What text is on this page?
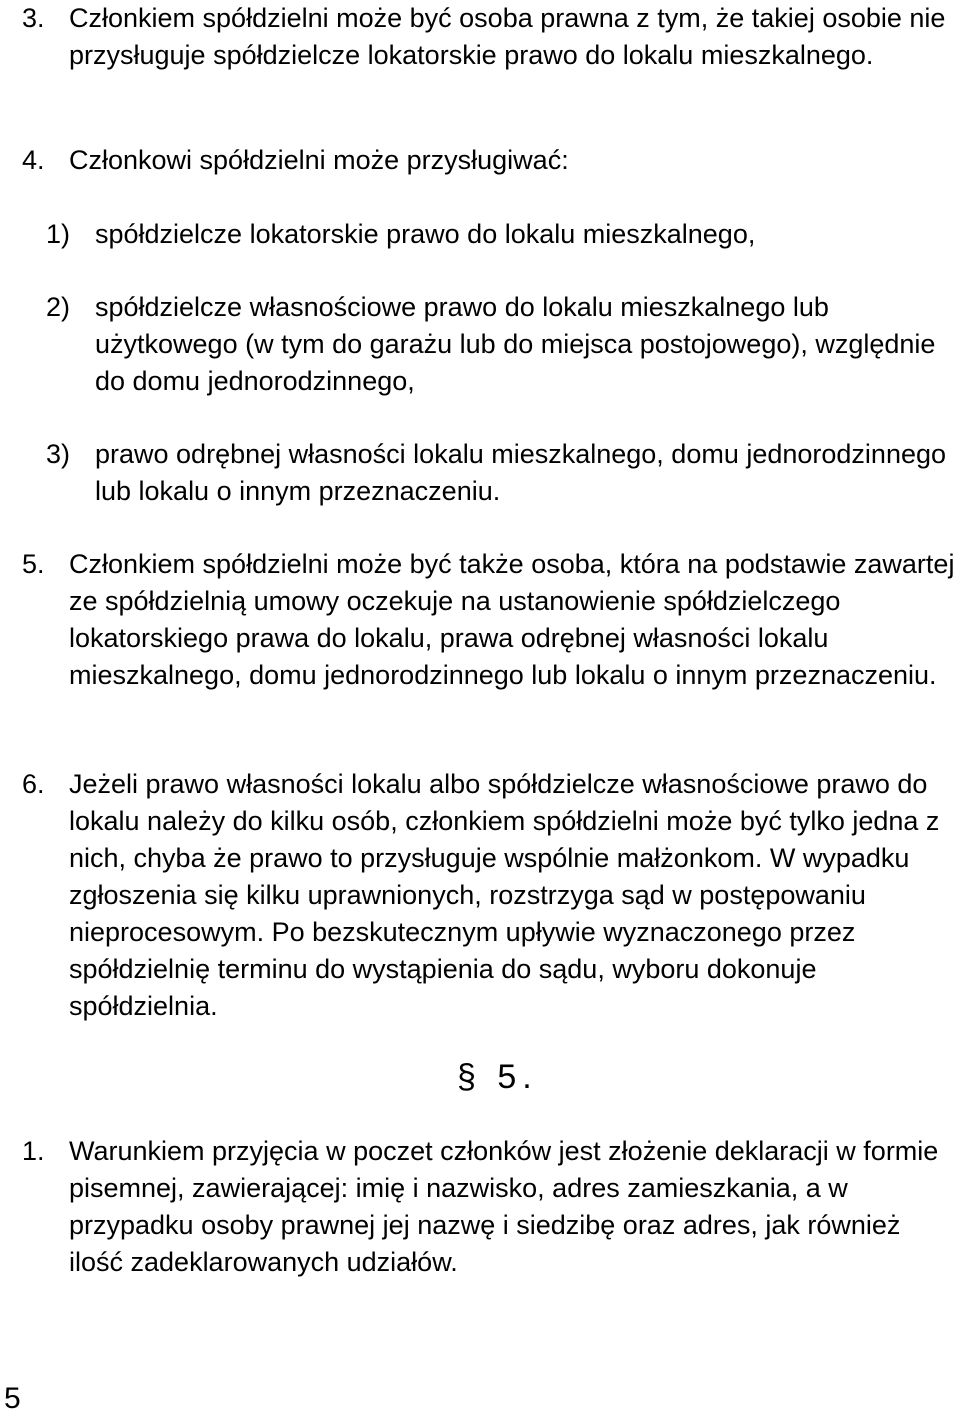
3. Członkiem spółdzielni może być osoba prawna z tym, że takiej osobie nie przysługuje spółdzielcze lokatorskie prawo do lokalu mieszkalnego.
4. Członkowi spółdzielni może przysługiwać:
1) spółdzielcze lokatorskie prawo do lokalu mieszkalnego,
2) spółdzielcze własnościowe prawo do lokalu mieszkalnego lub użytkowego (w tym do garażu lub do miejsca postojowego), względnie do domu jednorodzinnego,
3) prawo odrębnej własności lokalu mieszkalnego, domu jednorodzinnego lub lokalu o innym przeznaczeniu.
5. Członkiem spółdzielni może być także osoba, która na podstawie zawartej ze spółdzielnią umowy oczekuje na ustanowienie spółdzielczego lokatorskiego prawa do lokalu, prawa odrębnej własności lokalu mieszkalnego, domu jednorodzinnego lub lokalu o innym przeznaczeniu.
6. Jeżeli prawo własności lokalu albo spółdzielcze własnościowe prawo do lokalu należy do kilku osób, członkiem spółdzielni może być tylko jedna z nich, chyba że prawo to przysługuje wspólnie małżonkom. W wypadku zgłoszenia się kilku uprawnionych, rozstrzyga sąd w postępowaniu nieprocesowym. Po bezskutecznym upływie wyznaczonego przez spółdzielnię terminu do wystąpienia do sądu, wyboru dokonuje spółdzielnia.
§ 5.
1. Warunkiem przyjęcia w poczet członków jest złożenie deklaracji w formie pisemnej, zawierającej: imię i nazwisko, adres zamieszkania, a w przypadku osoby prawnej jej nazwę i siedzibę oraz adres, jak również ilość zadeklarowanych udziałów.
5
